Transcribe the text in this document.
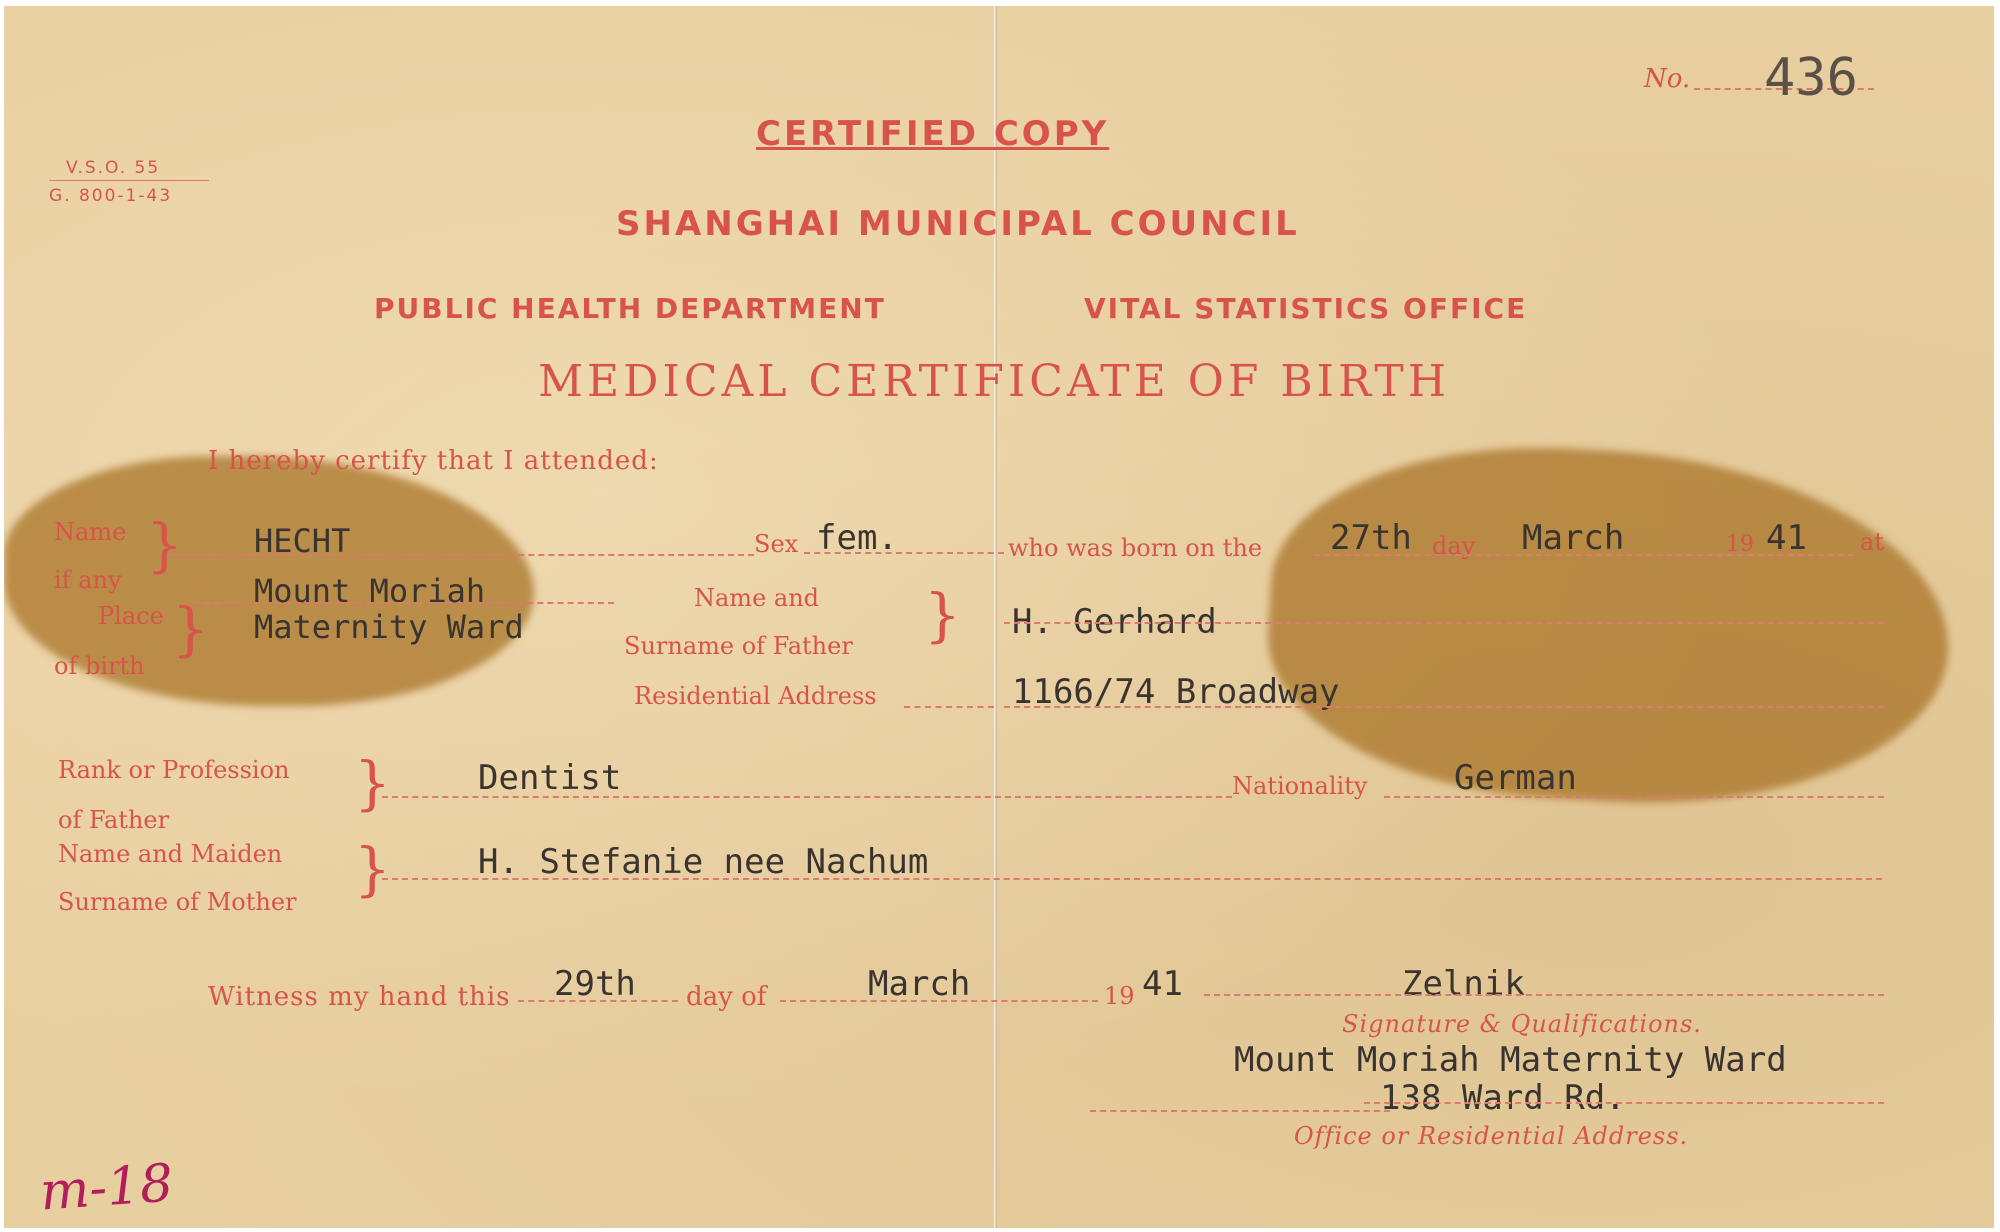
V.S.O. 55
G. 800-1-43
No. 436
CERTIFIED COPY
SHANGHAI MUNICIPAL COUNCIL
PUBLIC HEALTH DEPARTMENT	VITAL STATISTICS OFFICE
MEDICAL CERTIFICATE OF BIRTH
I hereby certify that I attended:
Name
if any
} HECHT	Sex fem.	who was born on the 27th day March	19 41 at
Place
of birth
}
Mount Moriah
Maternity Ward
Name and
Surname of Father } H. Gerhard
Residential Address	1166/74 Broadway
Rank or Profession
of Father
}	Dentist	Nationality	German
Name and Maiden
Surname of Mother }	H. Stefanie nee Nachum
Witness my hand this 29th day of	March	19 41	Zelnik
Signature & Qualifications.
Mount Moriah Maternity Ward
138 Ward Rd.
Office or Residential Address.
m-18
